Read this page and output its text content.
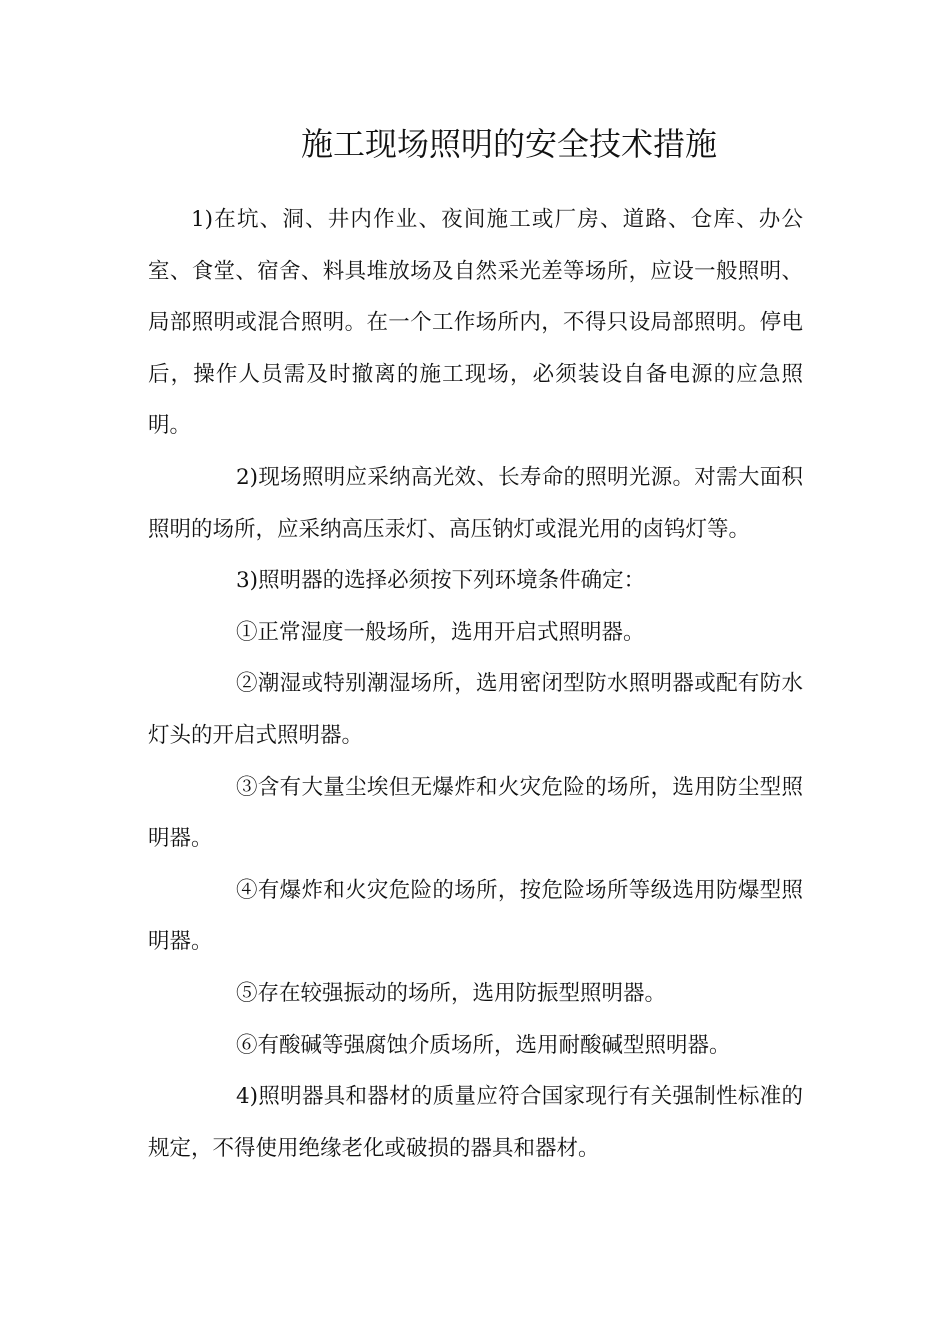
施工现场照明的安全技术措施

1)在坑、洞、井内作业、夜间施工或厂房、道路、仓库、办公室、食堂、宿舍、料具堆放场及自然采光差等场所，应设一般照明、局部照明或混合照明。在一个工作场所内，不得只设局部照明。停电后，操作人员需及时撤离的施工现场，必须装设自备电源的应急照明。

2)现场照明应采纳高光效、长寿命的照明光源。对需大面积照明的场所，应采纳高压汞灯、高压钠灯或混光用的卤钨灯等。

3)照明器的选择必须按下列环境条件确定：

①正常湿度一般场所，选用开启式照明器。

②潮湿或特别潮湿场所，选用密闭型防水照明器或配有防水灯头的开启式照明器。

③含有大量尘埃但无爆炸和火灾危险的场所，选用防尘型照明器。

④有爆炸和火灾危险的场所，按危险场所等级选用防爆型照明器。

⑤存在较强振动的场所，选用防振型照明器。

⑥有酸碱等强腐蚀介质场所，选用耐酸碱型照明器。

4)照明器具和器材的质量应符合国家现行有关强制性标准的规定，不得使用绝缘老化或破损的器具和器材。
